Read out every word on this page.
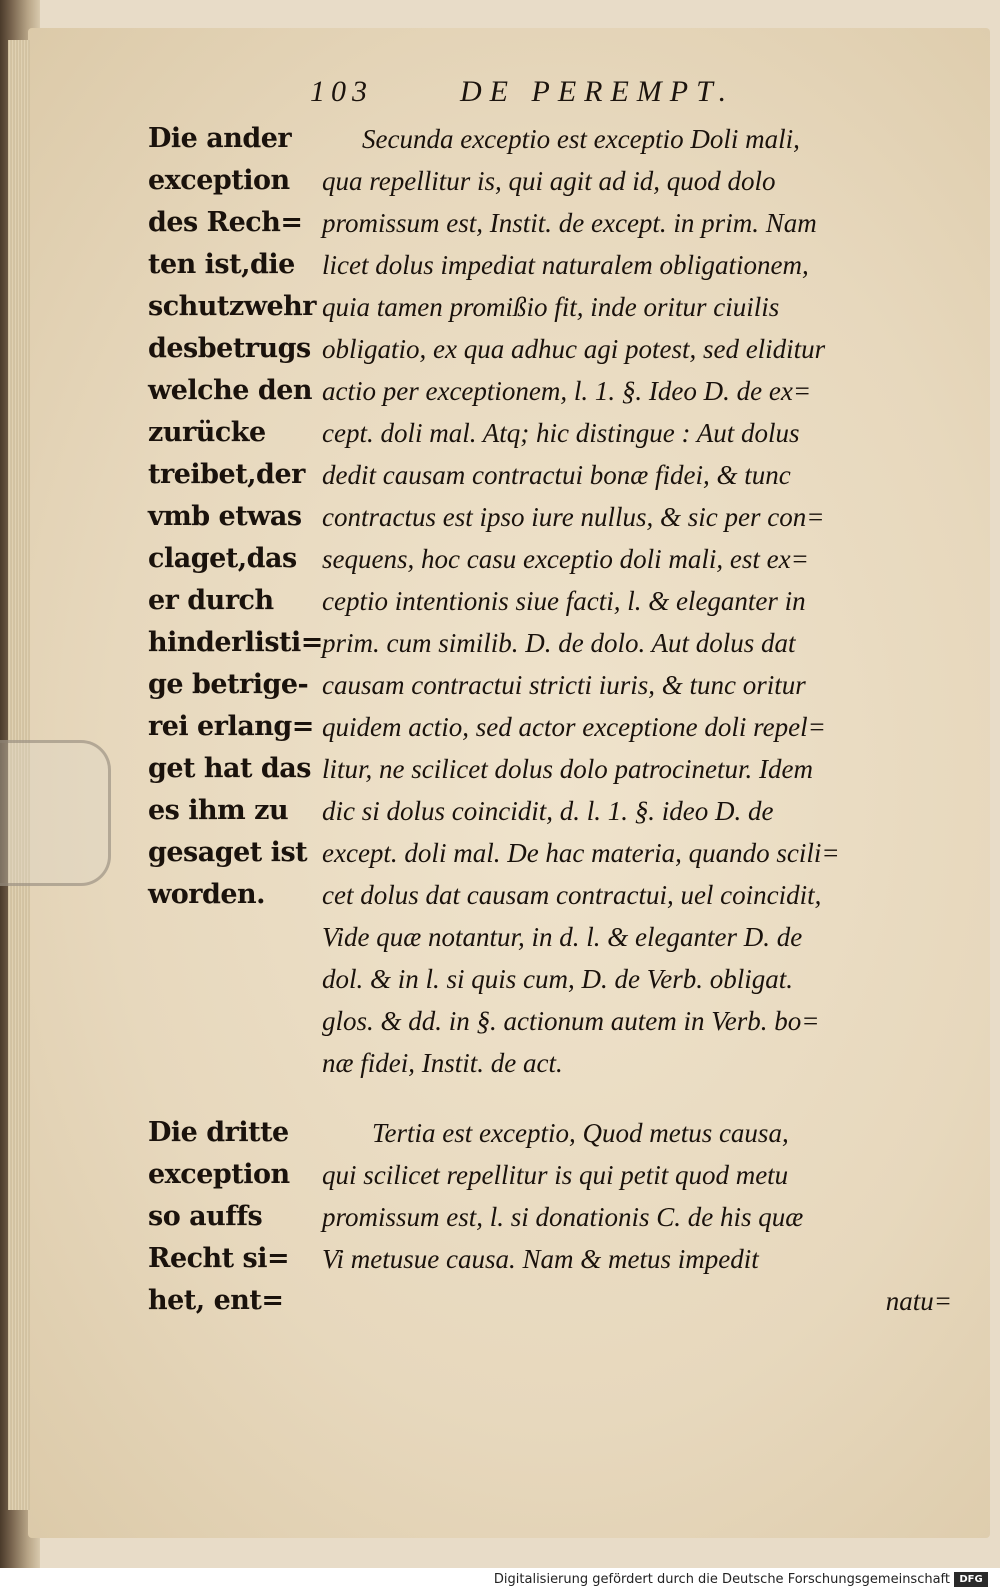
103	DE PEREMPT.
Die ander
exception
des Rech=
ten ist,die
schutzwehr
desbetrugs
welche den
zurücke
treibet,der
vmb etwas
claget,das
er durch
hinderlisti=
ge betrige-
rei erlang=
get hat das
es ihm zu
gesaget ist
worden.
Secunda exceptio est exceptio Doli mali,
qua repellitur is, qui agit ad id, quod dolo
promissum est, Instit. de except. in prim. Nam
licet dolus impediat naturalem obligationem,
quia tamen promißio fit, inde oritur ciuilis
obligatio, ex qua adhuc agi potest, sed eliditur
actio per exceptionem, l. 1. §. Ideo D. de ex=
cept. doli mal. Atq; hic distingue : Aut dolus
dedit causam contractui bonæ fidei, & tunc
contractus est ipso iure nullus, & sic per con=
sequens, hoc casu exceptio doli mali, est ex=
ceptio intentionis siue facti, l. & eleganter in
prim. cum similib. D. de dolo. Aut dolus dat
causam contractui stricti iuris, & tunc oritur
quidem actio, sed actor exceptione doli repel=
litur, ne scilicet dolus dolo patrocinetur. Idem
dic si dolus coincidit, d. l. 1. §. ideo D. de
except. doli mal. De hac materia, quando scili=
cet dolus dat causam contractui, uel coincidit,
Vide quæ notantur, in d. l. & eleganter D. de
dol. & in l. si quis cum, D. de Verb. obligat.
glos. & dd. in §. actionum autem in Verb. bo=
næ fidei, Instit. de act.
Die dritte
exception
so auffs
Recht si=
het, ent=
Tertia est exceptio, Quod metus causa,
qui scilicet repellitur is qui petit quod metu
promissum est, l. si donationis C. de his quæ
Vi metusue causa. Nam & metus impedit
natu=
Digitalisierung gefördert durch die Deutsche Forschungsgemeinschaft DFG
